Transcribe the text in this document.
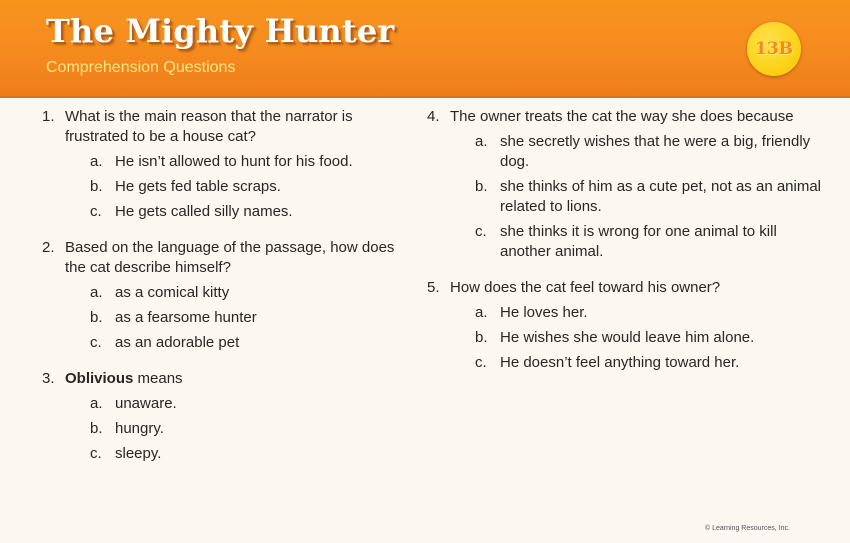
The Mighty Hunter
Comprehension Questions
13B
1. What is the main reason that the narrator is frustrated to be a house cat?
a. He isn’t allowed to hunt for his food.
b. He gets fed table scraps.
c. He gets called silly names.
2. Based on the language of the passage, how does the cat describe himself?
a. as a comical kitty
b. as a fearsome hunter
c. as an adorable pet
3. Oblivious means
a. unaware.
b. hungry.
c. sleepy.
4. The owner treats the cat the way she does because
a. she secretly wishes that he were a big, friendly dog.
b. she thinks of him as a cute pet, not as an animal related to lions.
c. she thinks it is wrong for one animal to kill another animal.
5. How does the cat feel toward his owner?
a. He loves her.
b. He wishes she would leave him alone.
c. He doesn’t feel anything toward her.
© Learning Resources, Inc.
